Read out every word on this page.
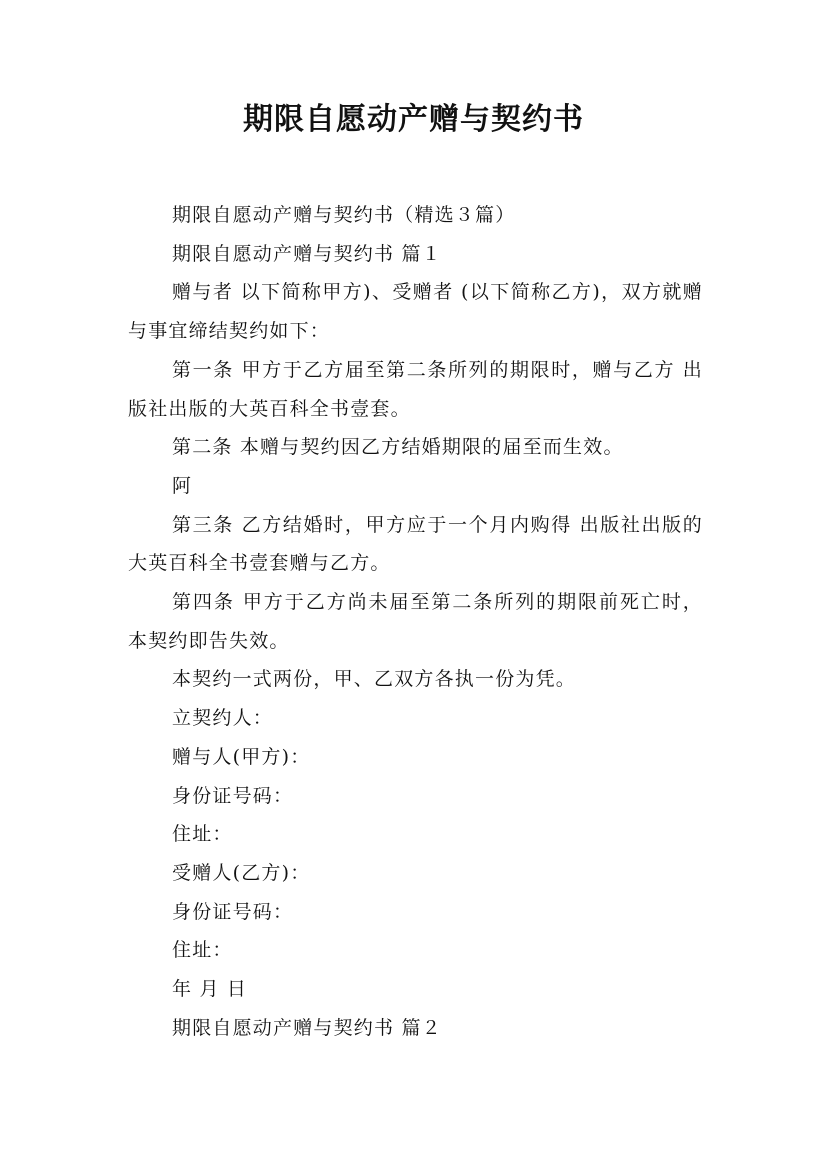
期限自愿动产赠与契约书

期限自愿动产赠与契约书（精选３篇）

期限自愿动产赠与契约书 篇１

赠与者 以下简称甲方)、受赠者 (以下简称乙方)，双方就赠与事宜缔结契约如下：

第一条 甲方于乙方届至第二条所列的期限时，赠与乙方 出版社出版的大英百科全书壹套。

第二条 本赠与契约因乙方结婚期限的届至而生效。

阿

第三条 乙方结婚时，甲方应于一个月内购得 出版社出版的大英百科全书壹套赠与乙方。

第四条 甲方于乙方尚未届至第二条所列的期限前死亡时，本契约即告失效。

本契约一式两份，甲、乙双方各执一份为凭。

立契约人：

赠与人(甲方)：

身份证号码：

住址：

受赠人(乙方)：

身份证号码：

住址：

年 月 日

期限自愿动产赠与契约书 篇２
